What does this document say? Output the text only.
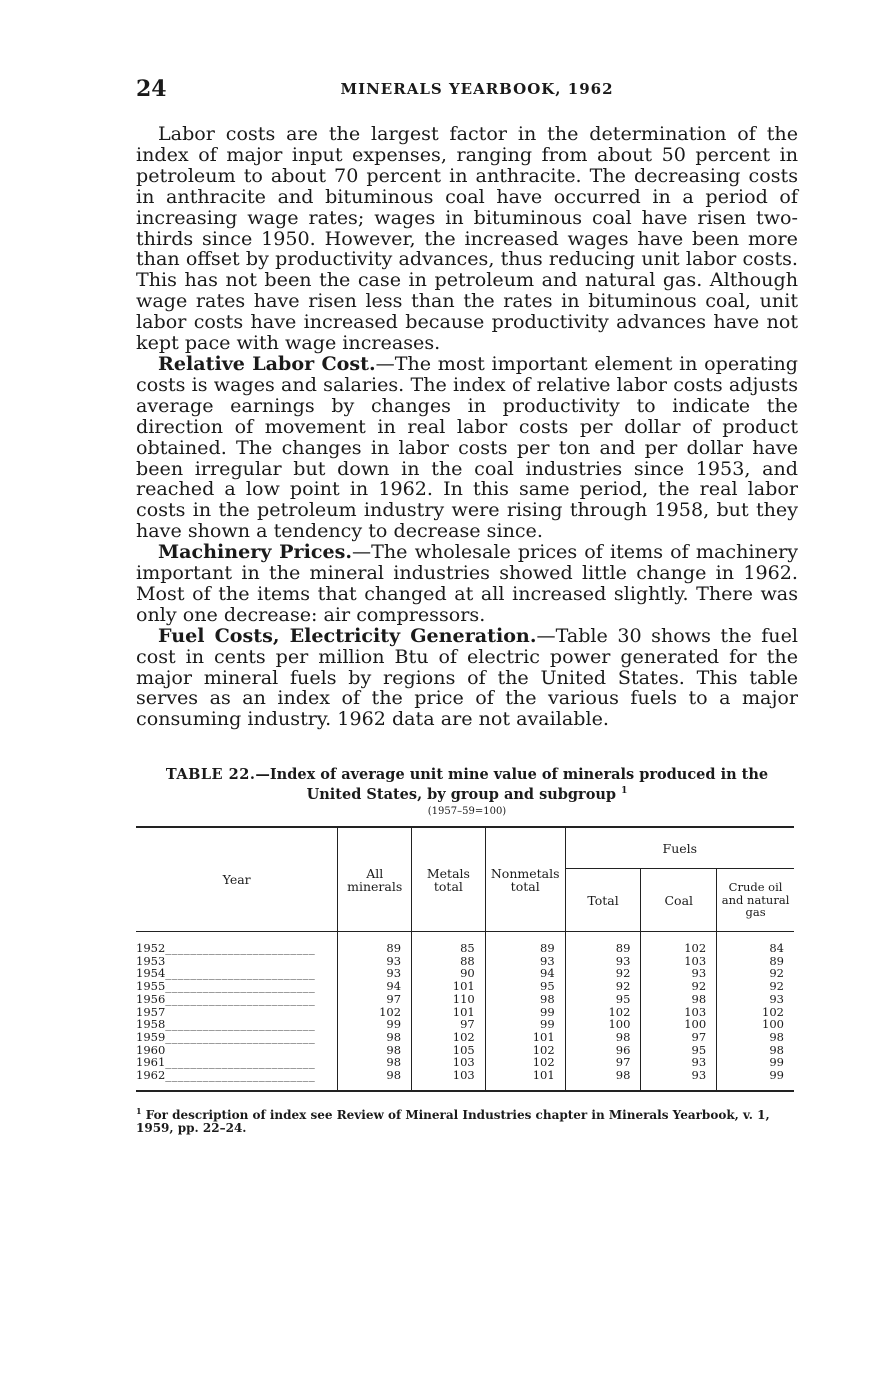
24	MINERALS YEARBOOK, 1962

Labor costs are the largest factor in the determination of the index of major input expenses, ranging from about 50 percent in petroleum to about 70 percent in anthracite. The decreasing costs in anthracite and bituminous coal have occurred in a period of increasing wage rates; wages in bituminous coal have risen two-thirds since 1950. However, the increased wages have been more than offset by productivity advances, thus reducing unit labor costs. This has not been the case in petroleum and natural gas. Although wage rates have risen less than the rates in bituminous coal, unit labor costs have increased because productivity advances have not kept pace with wage increases.

Relative Labor Cost.—The most important element in operating costs is wages and salaries. The index of relative labor costs adjusts average earnings by changes in productivity to indicate the direction of movement in real labor costs per dollar of product obtained. The changes in labor costs per ton and per dollar have been irregular but down in the coal industries since 1953, and reached a low point in 1962. In this same period, the real labor costs in the petroleum industry were rising through 1958, but they have shown a tendency to decrease since.

Machinery Prices.—The wholesale prices of items of machinery important in the mineral industries showed little change in 1962. Most of the items that changed at all increased slightly. There was only one decrease: air compressors.

Fuel Costs, Electricity Generation.—Table 30 shows the fuel cost in cents per million Btu of electric power generated for the major mineral fuels by regions of the United States. This table serves as an index of the price of the various fuels to a major consuming industry. 1962 data are not available.

TABLE 22.—Index of average unit mine value of minerals produced in the
United States, by group and subgroup $^1$
(1957–59=100)
Year	All minerals	Metals total	Nonmetals total	Fuels		
				Total	Coal	Crude oil and natural gas
1952________________________	89	85	89	89	102	84
1953________________________	93	88	93	93	103	89
1954________________________	93	90	94	92	93	92
1955________________________	94	101	95	92	92	92
1956________________________	97	110	98	95	98	93
1957________________________	102	101	99	102	103	102
1958________________________	99	97	99	100	100	100
1959________________________	98	102	101	98	97	98
1960________________________	98	105	102	96	95	98
1961________________________	98	103	102	97	93	99
1962________________________	98	103	101	98	93	99
$^1$ For description of index see Review of Mineral Industries chapter in Minerals Yearbook, v. 1, 1959, pp. 22–24.
